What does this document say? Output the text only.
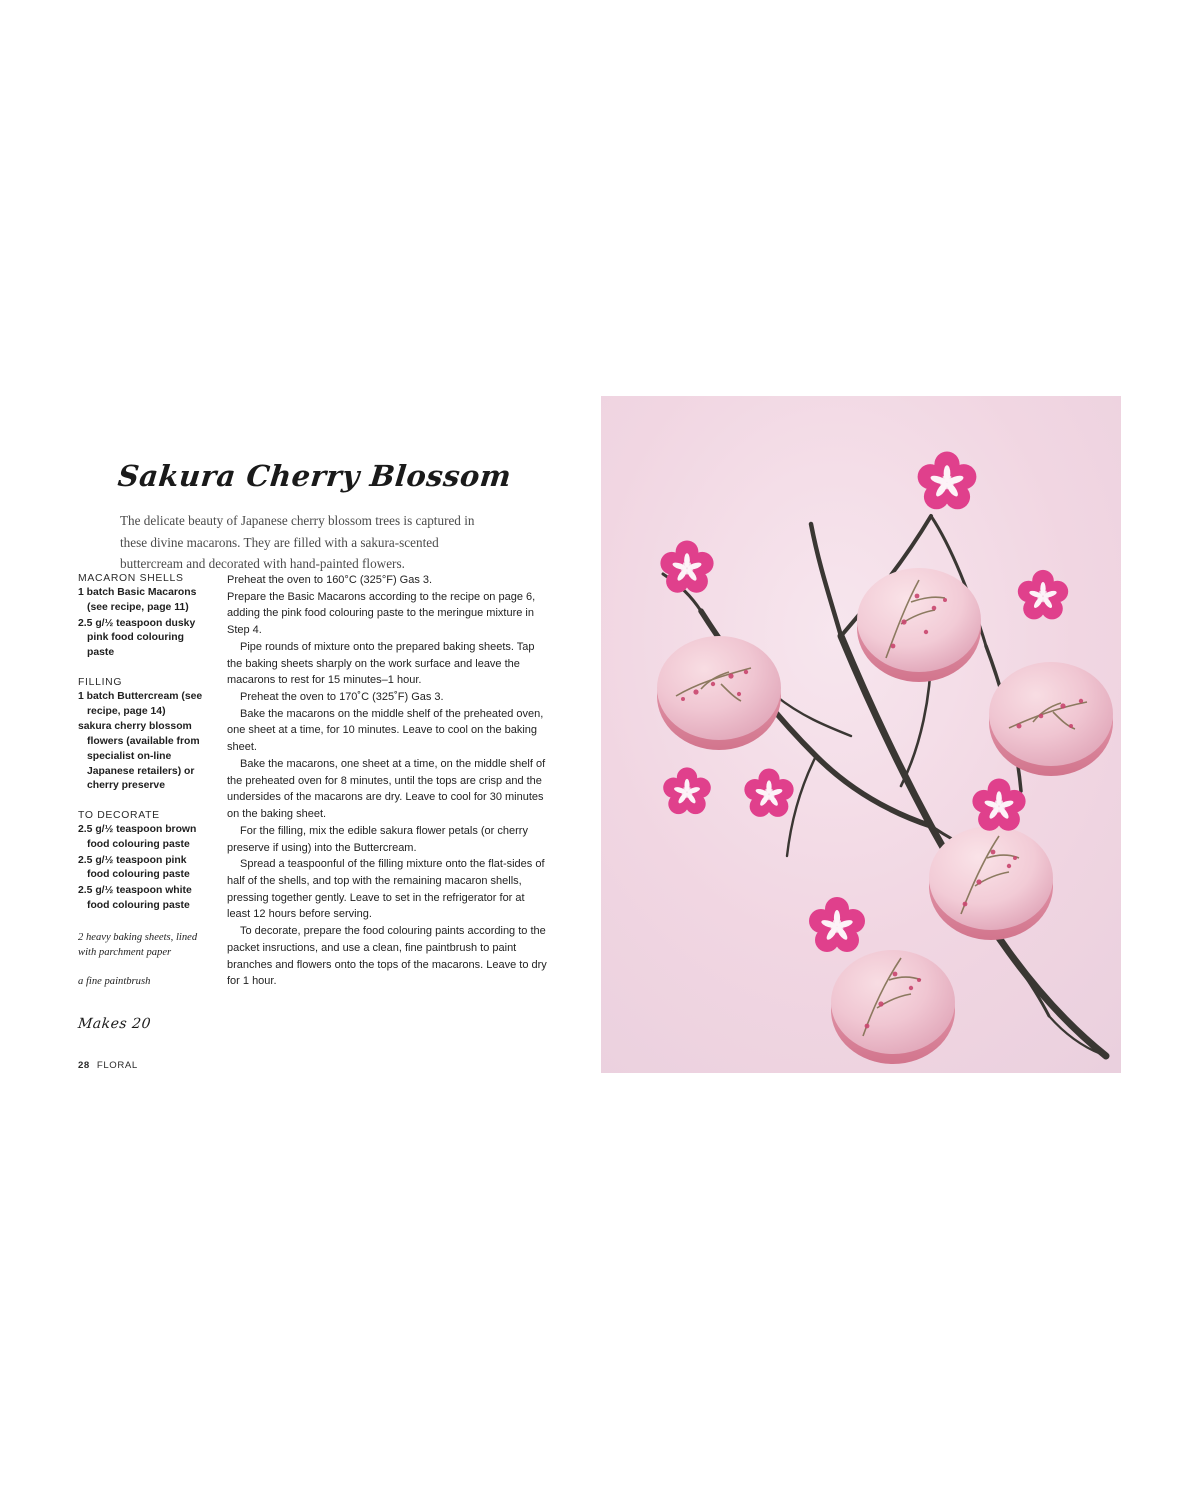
Sakura Cherry Blossom

The delicate beauty of Japanese cherry blossom trees is captured in these divine macarons. They are filled with a sakura-scented buttercream and decorated with hand-painted flowers.

MACARON SHELLS
1 batch Basic Macarons (see recipe, page 11)
2.5 g/½ teaspoon dusky pink food colouring paste
FILLING
1 batch Buttercream (see recipe, page 14)
sakura cherry blossom flowers (available from specialist on-line Japanese retailers) or cherry preserve
TO DECORATE
2.5 g/½ teaspoon brown food colouring paste
2.5 g/½ teaspoon pink food colouring paste
2.5 g/½ teaspoon white food colouring paste
2 heavy baking sheets, lined with parchment paper
a fine paintbrush
Makes 20

Preheat the oven to 160°C (325°F) Gas 3.

Prepare the Basic Macarons according to the recipe on page 6, adding the pink food colouring paste to the meringue mixture in Step 4.

Pipe rounds of mixture onto the prepared baking sheets. Tap the baking sheets sharply on the work surface and leave the macarons to rest for 15 minutes–1 hour.

Preheat the oven to 170˚C (325˚F) Gas 3.

Bake the macarons on the middle shelf of the preheated oven, one sheet at a time, for 10 minutes. Leave to cool on the baking sheet.

Bake the macarons, one sheet at a time, on the middle shelf of the preheated oven for 8 minutes, until the tops are crisp and the undersides of the macarons are dry. Leave to cool for 30 minutes on the baking sheet.

For the filling, mix the edible sakura flower petals (or cherry preserve if using) into the Buttercream.

Spread a teaspoonful of the filling mixture onto the flat-sides of half of the shells, and top with the remaining macaron shells, pressing together gently. Leave to set in the refrigerator for at least 12 hours before serving.

To decorate, prepare the food colouring paints according to the packet insructions, and use a clean, fine paintbrush to paint branches and flowers onto the tops of the macarons. Leave to dry for 1 hour.

28 FLORAL
